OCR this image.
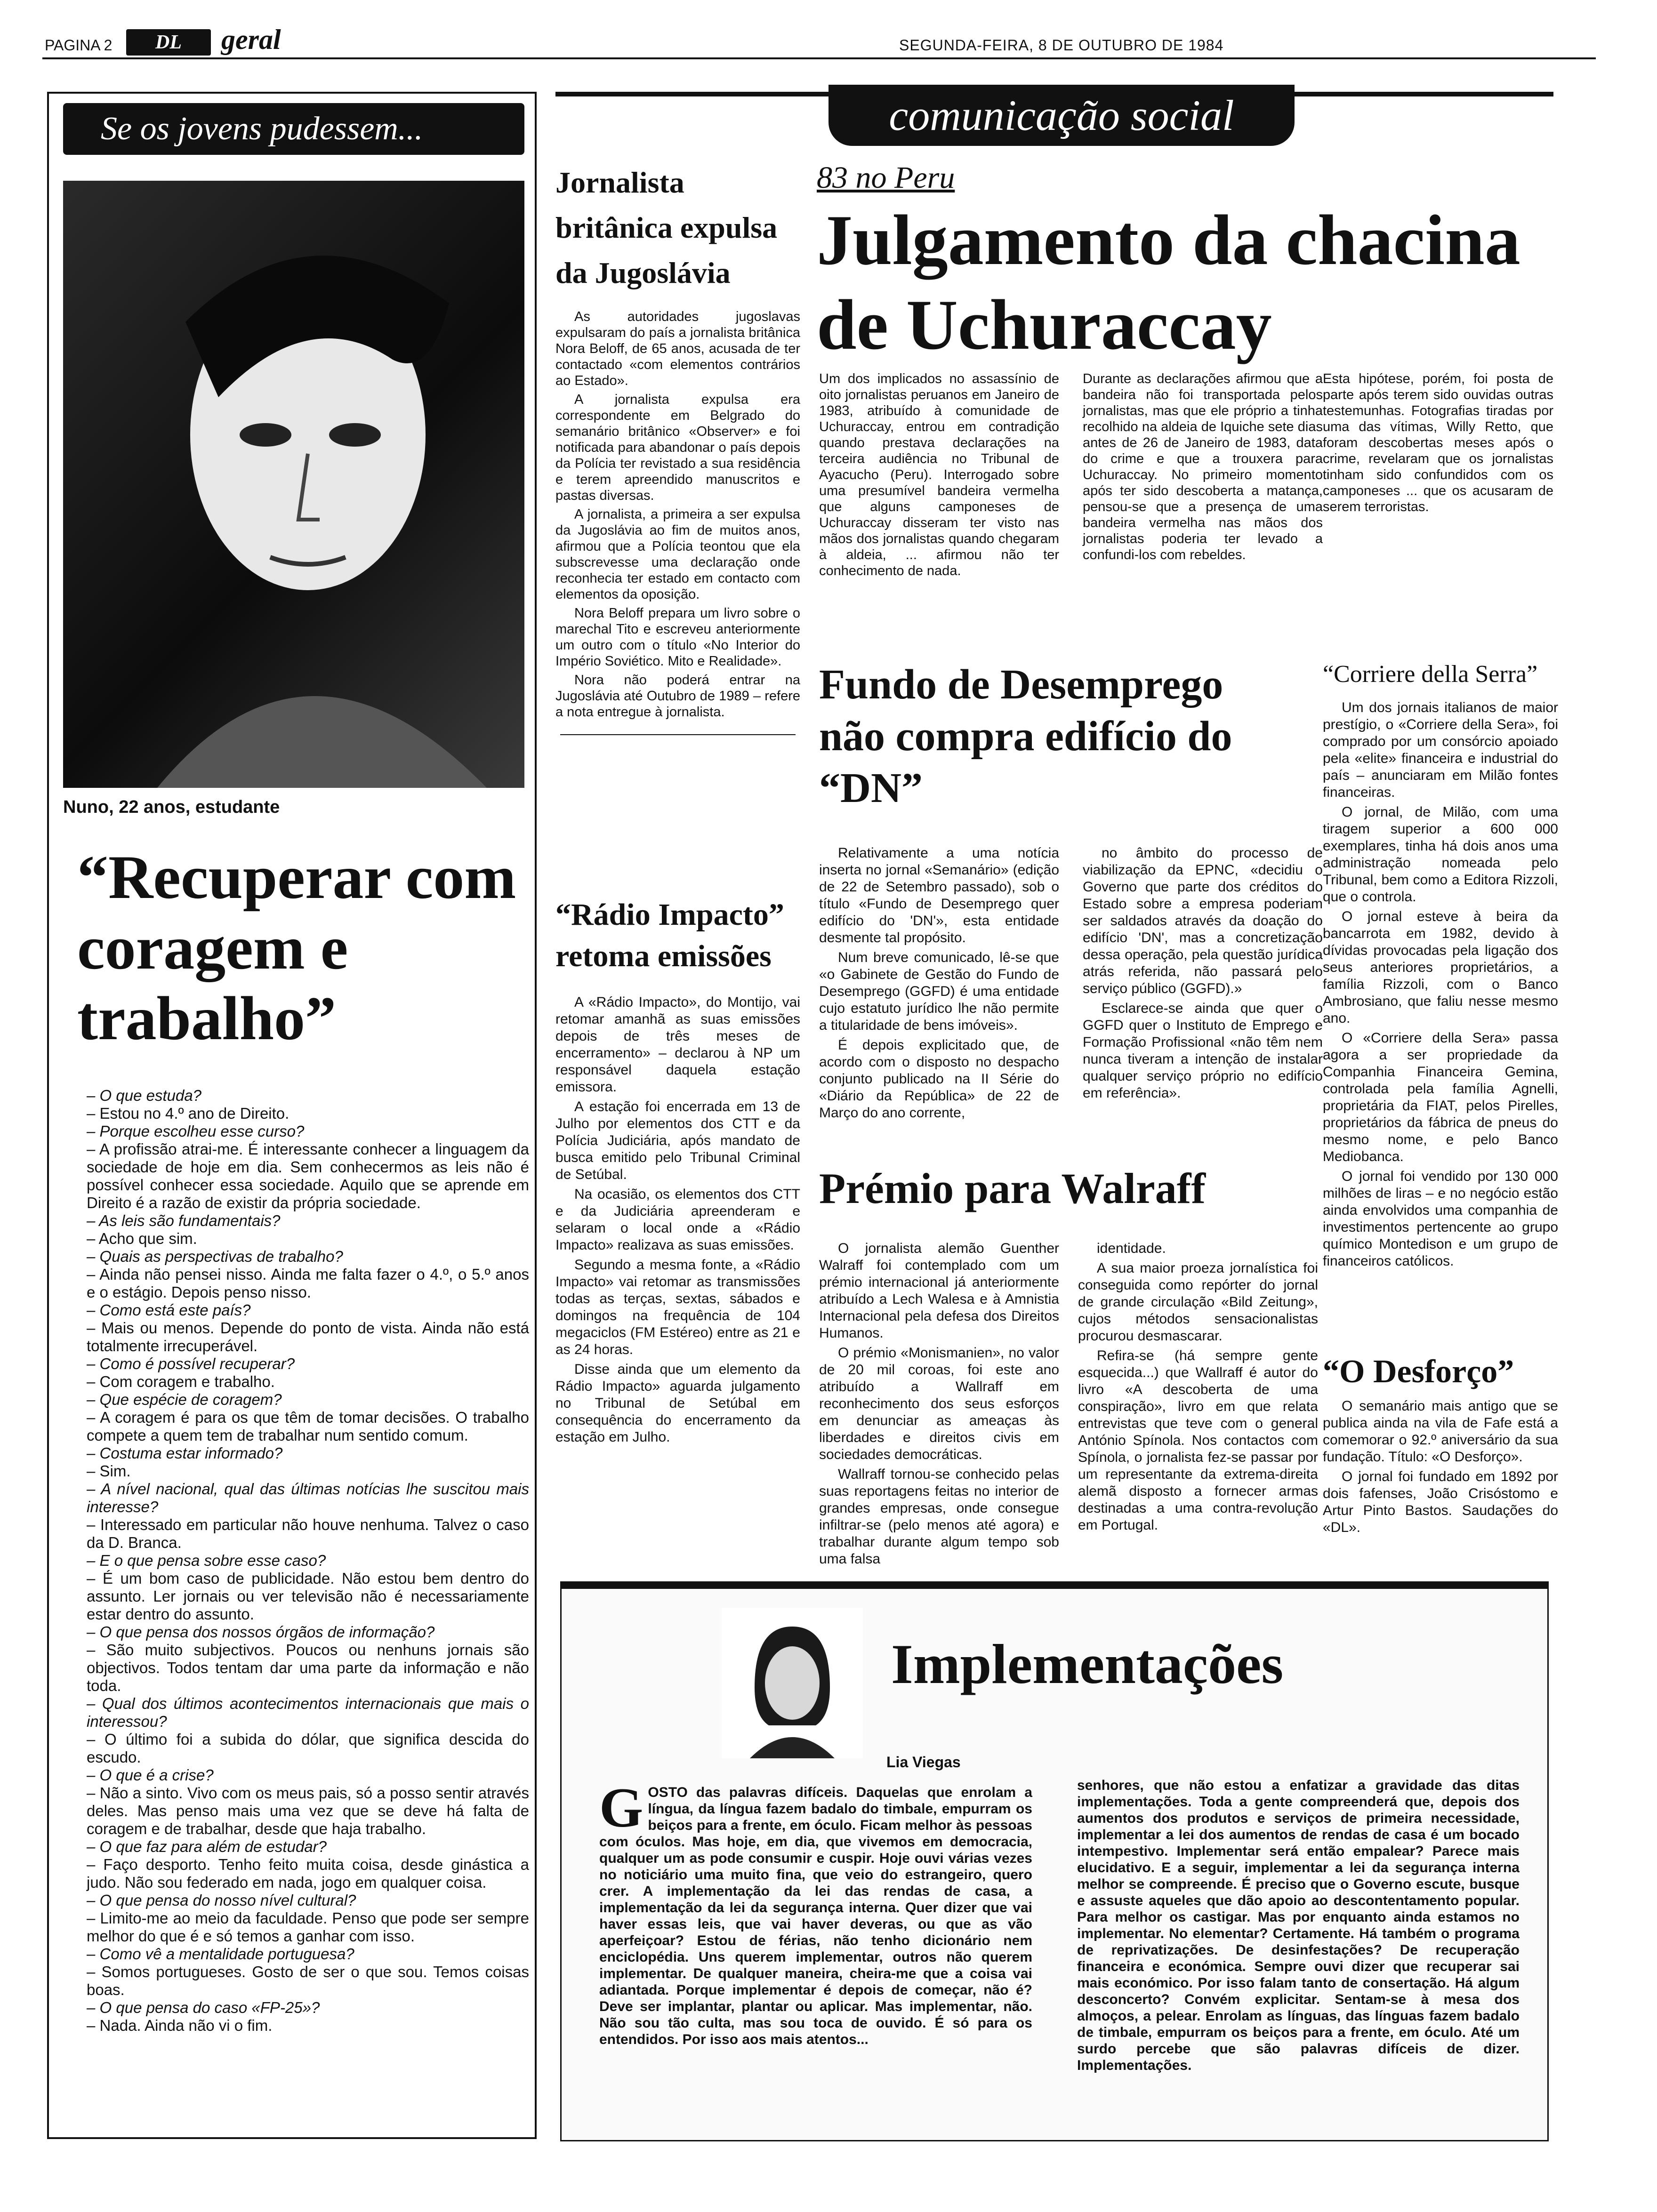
PAGINA 2	DL	geral	SEGUNDA-FEIRA, 8 DE OUTUBRO DE 1984
Se os jovens pudessem...
Nuno, 22 anos, estudante
“Recuperar com coragem e trabalho”

– O que estuda?

– Estou no 4.º ano de Direito.

– Porque escolheu esse curso?

– A profissão atrai-me. É interessante conhecer a linguagem da sociedade de hoje em dia. Sem conhecermos as leis não é possível conhecer essa sociedade. Aquilo que se aprende em Direito é a razão de existir da própria sociedade.

– As leis são fundamentais?

– Acho que sim.

– Quais as perspectivas de trabalho?

– Ainda não pensei nisso. Ainda me falta fazer o 4.º, o 5.º anos e o estágio. Depois penso nisso.

– Como está este país?

– Mais ou menos. Depende do ponto de vista. Ainda não está totalmente irrecuperável.

– Como é possível recuperar?

– Com coragem e trabalho.

– Que espécie de coragem?

– A coragem é para os que têm de tomar decisões. O trabalho compete a quem tem de trabalhar num sentido comum.

– Costuma estar informado?

– Sim.

– A nível nacional, qual das últimas notícias lhe suscitou mais interesse?

– Interessado em particular não houve nenhuma. Talvez o caso da D. Branca.

– E o que pensa sobre esse caso?

– É um bom caso de publicidade. Não estou bem dentro do assunto. Ler jornais ou ver televisão não é necessariamente estar dentro do assunto.

– O que pensa dos nossos órgãos de informação?

– São muito subjectivos. Poucos ou nenhuns jornais são objectivos. Todos tentam dar uma parte da informação e não toda.

– Qual dos últimos acontecimentos internacionais que mais o interessou?

– O último foi a subida do dólar, que significa descida do escudo.

– O que é a crise?

– Não a sinto. Vivo com os meus pais, só a posso sentir através deles. Mas penso mais uma vez que se deve há falta de coragem e de trabalhar, desde que haja trabalho.

– O que faz para além de estudar?

– Faço desporto. Tenho feito muita coisa, desde ginástica a judo. Não sou federado em nada, jogo em qualquer coisa.

– O que pensa do nosso nível cultural?

– Limito-me ao meio da faculdade. Penso que pode ser sempre melhor do que é e só temos a ganhar com isso.

– Como vê a mentalidade portuguesa?

– Somos portugueses. Gosto de ser o que sou. Temos coisas boas.

– O que pensa do caso «FP-25»?

– Nada. Ainda não vi o fim.

Jornalista britânica expulsa da Jugoslávia

As autoridades jugoslavas expulsaram do país a jornalista britânica Nora Beloff, de 65 anos, acusada de ter contactado «com elementos contrários ao Estado».

A jornalista expulsa era correspondente em Belgrado do semanário britânico «Observer» e foi notificada para abandonar o país depois da Polícia ter revistado a sua residência e terem apreendido manuscritos e pastas diversas.

A jornalista, a primeira a ser expulsa da Jugoslávia ao fim de muitos anos, afirmou que a Polícia teontou que ela subscrevesse uma declaração onde reconhecia ter estado em contacto com elementos da oposição.

Nora Beloff prepara um livro sobre o marechal Tito e escreveu anteriormente um outro com o título «No Interior do Império Soviético. Mito e Realidade».

Nora não poderá entrar na Jugoslávia até Outubro de 1989 – refere a nota entregue à jornalista.

“Rádio Impacto” retoma emissões

A «Rádio Impacto», do Montijo, vai retomar amanhã as suas emissões depois de três meses de encerramento» – declarou à NP um responsável daquela estação emissora.

A estação foi encerrada em 13 de Julho por elementos dos CTT e da Polícia Judiciária, após mandato de busca emitido pelo Tribunal Criminal de Setúbal.

Na ocasião, os elementos dos CTT e da Judiciária apreenderam e selaram o local onde a «Rádio Impacto» realizava as suas emissões.

Segundo a mesma fonte, a «Rádio Impacto» vai retomar as transmissões todas as terças, sextas, sábados e domingos na frequência de 104 megaciclos (FM Estéreo) entre as 21 e as 24 horas.

Disse ainda que um elemento da Rádio Impacto» aguarda julgamento no Tribunal de Setúbal em consequência do encerramento da estação em Julho.

comunicação social
83 no Peru
Julgamento da chacina de Uchuraccay
Um dos implicados no assassínio de oito jornalistas peruanos em Janeiro de 1983, atribuído à comunidade de Uchuraccay, entrou em contradição quando prestava declarações na terceira audiência no Tribunal de Ayacucho (Peru). Interrogado sobre uma presumível bandeira vermelha que alguns camponeses de Uchuraccay disseram ter visto nas mãos dos jornalistas quando chegaram à aldeia, ... afirmou não ter conhecimento de nada.
Durante as declarações afirmou que a bandeira não foi transportada pelos jornalistas, mas que ele próprio a tinha recolhido na aldeia de Iquiche sete dias antes de 26 de Janeiro de 1983, data do crime e que a trouxera para Uchuraccay. No primeiro momento após ter sido descoberta a matança, pensou-se que a presença de uma bandeira vermelha nas mãos dos jornalistas poderia ter levado a confundi-los com rebeldes.
Esta hipótese, porém, foi posta de parte após terem sido ouvidas outras testemunhas. Fotografias tiradas por uma das vítimas, Willy Retto, que foram descobertas meses após o crime, revelaram que os jornalistas tinham sido confundidos com os camponeses ... que os acusaram de serem terroristas.
Fundo de Desemprego não compra edifício do “DN”

Relativamente a uma notícia inserta no jornal «Semanário» (edição de 22 de Setembro passado), sob o título «Fundo de Desemprego quer edifício do 'DN'», esta entidade desmente tal propósito.

Num breve comunicado, lê-se que «o Gabinete de Gestão do Fundo de Desemprego (GGFD) é uma entidade cujo estatuto jurídico lhe não permite a titularidade de bens imóveis».

É depois explicitado que, de acordo com o disposto no despacho conjunto publicado na II Série do «Diário da República» de 22 de Março do ano corrente,

no âmbito do processo de viabilização da EPNC, «decidiu o Governo que parte dos créditos do Estado sobre a empresa poderiam ser saldados através da doação do edifício 'DN', mas a concretização dessa operação, pela questão jurídica atrás referida, não passará pelo serviço público (GGFD).»

Esclarece-se ainda que quer o GGFD quer o Instituto de Emprego e Formação Profissional «não têm nem nunca tiveram a intenção de instalar qualquer serviço próprio no edifício em referência».

“Corriere della Serra”

Um dos jornais italianos de maior prestígio, o «Corriere della Sera», foi comprado por um consórcio apoiado pela «elite» financeira e industrial do país – anunciaram em Milão fontes financeiras.

O jornal, de Milão, com uma tiragem superior a 600 000 exemplares, tinha há dois anos uma administração nomeada pelo Tribunal, bem como a Editora Rizzoli, que o controla.

O jornal esteve à beira da bancarrota em 1982, devido à dívidas provocadas pela ligação dos seus anteriores proprietários, a família Rizzoli, com o Banco Ambrosiano, que faliu nesse mesmo ano.

O «Corriere della Sera» passa agora a ser propriedade da Companhia Financeira Gemina, controlada pela família Agnelli, proprietária da FIAT, pelos Pirelles, proprietários da fábrica de pneus do mesmo nome, e pelo Banco Mediobanca.

O jornal foi vendido por 130 000 milhões de liras – e no negócio estão ainda envolvidos uma companhia de investimentos pertencente ao grupo químico Montedison e um grupo de financeiros católicos.

“O Desforço”

O semanário mais antigo que se publica ainda na vila de Fafe está a comemorar o 92.º aniversário da sua fundação. Título: «O Desforço».

O jornal foi fundado em 1892 por dois fafenses, João Crisóstomo e Artur Pinto Bastos. Saudações do «DL».

Prémio para Walraff

O jornalista alemão Guenther Walraff foi contemplado com um prémio internacional já anteriormente atribuído a Lech Walesa e à Amnistia Internacional pela defesa dos Direitos Humanos.

O prémio «Monismanien», no valor de 20 mil coroas, foi este ano atribuído a Wallraff em reconhecimento dos seus esforços em denunciar as ameaças às liberdades e direitos civis em sociedades democráticas.

Wallraff tornou-se conhecido pelas suas reportagens feitas no interior de grandes empresas, onde consegue infiltrar-se (pelo menos até agora) e trabalhar durante algum tempo sob uma falsa

identidade.

A sua maior proeza jornalística foi conseguida como repórter do jornal de grande circulação «Bild Zeitung», cujos métodos sensacionalistas procurou desmascarar.

Refira-se (há sempre gente esquecida...) que Wallraff é autor do livro «A descoberta de uma conspiração», livro em que relata entrevistas que teve com o general António Spínola. Nos contactos com Spínola, o jornalista fez-se passar por um representante da extrema-direita alemã disposto a fornecer armas destinadas a uma contra-revolução em Portugal.

Implementações
Lia Viegas
G OSTO das palavras difíceis. Daquelas que enrolam a língua, da língua fazem badalo do timbale, empurram os beiços para a frente, em óculo. Ficam melhor às pessoas com óculos. Mas hoje, em dia, que vivemos em democracia, qualquer um as pode consumir e cuspir. Hoje ouvi várias vezes no noticiário uma muito fina, que veio do estrangeiro, quero crer. A implementação da lei das rendas de casa, a implementação da lei da segurança interna. Quer dizer que vai haver essas leis, que vai haver deveras, ou que as vão aperfeiçoar? Estou de férias, não tenho dicionário nem enciclopédia. Uns querem implementar, outros não querem implementar. De qualquer maneira, cheira-me que a coisa vai adiantada. Porque implementar é depois de começar, não é? Deve ser implantar, plantar ou aplicar. Mas implementar, não. Não sou tão culta, mas sou toca de ouvido. É só para os entendidos. Por isso aos mais atentos...
senhores, que não estou a enfatizar a gravidade das ditas implementações. Toda a gente compreenderá que, depois dos aumentos dos produtos e serviços de primeira necessidade, implementar a lei dos aumentos de rendas de casa é um bocado intempestivo. Implementar será então empalear? Parece mais elucidativo. E a seguir, implementar a lei da segurança interna melhor se compreende. É preciso que o Governo escute, busque e assuste aqueles que dão apoio ao descontentamento popular. Para melhor os castigar. Mas por enquanto ainda estamos no implementar. No elementar? Certamente. Há também o programa de reprivatizações. De desinfestações? De recuperação financeira e económica. Sempre ouvi dizer que recuperar sai mais económico. Por isso falam tanto de consertação. Há algum desconcerto? Convém explicitar. Sentam-se à mesa dos almoços, a pelear. Enrolam as línguas, das línguas fazem badalo de timbale, empurram os beiços para a frente, em óculo. Até um surdo percebe que são palavras difíceis de dizer. Implementações.
